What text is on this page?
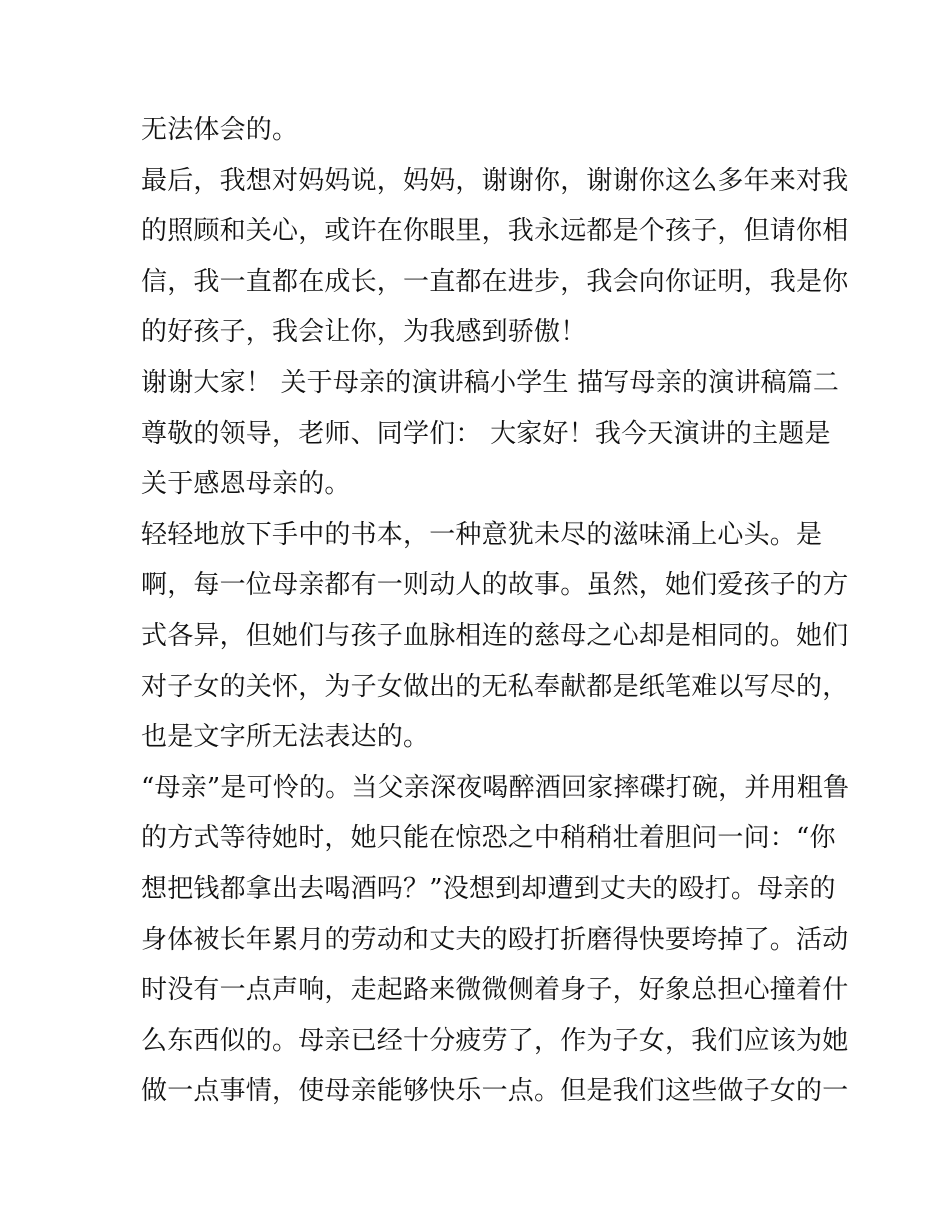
无法体会的。
最后，我想对妈妈说，妈妈，谢谢你，谢谢你这么多年来对我
的照顾和关心，或许在你眼里，我永远都是个孩子，但请你相
信，我一直都在成长，一直都在进步，我会向你证明，我是你
的好孩子，我会让你，为我感到骄傲！
谢谢大家！ 关于母亲的演讲稿小学生 描写母亲的演讲稿篇二
尊敬的领导，老师、同学们： 大家好！我今天演讲的主题是
关于感恩母亲的。
轻轻地放下手中的书本，一种意犹未尽的滋味涌上心头。是
啊，每一位母亲都有一则动人的故事。虽然，她们爱孩子的方
式各异，但她们与孩子血脉相连的慈母之心却是相同的。她们
对子女的关怀，为子女做出的无私奉献都是纸笔难以写尽的，
也是文字所无法表达的。
“母亲”是可怜的。当父亲深夜喝醉酒回家摔碟打碗，并用粗鲁
的方式等待她时，她只能在惊恐之中稍稍壮着胆问一问：“你
想把钱都拿出去喝酒吗？”没想到却遭到丈夫的殴打。母亲的
身体被长年累月的劳动和丈夫的殴打折磨得快要垮掉了。活动
时没有一点声响，走起路来微微侧着身子，好象总担心撞着什
么东西似的。母亲已经十分疲劳了，作为子女，我们应该为她
做一点事情，使母亲能够快乐一点。但是我们这些做子女的一
